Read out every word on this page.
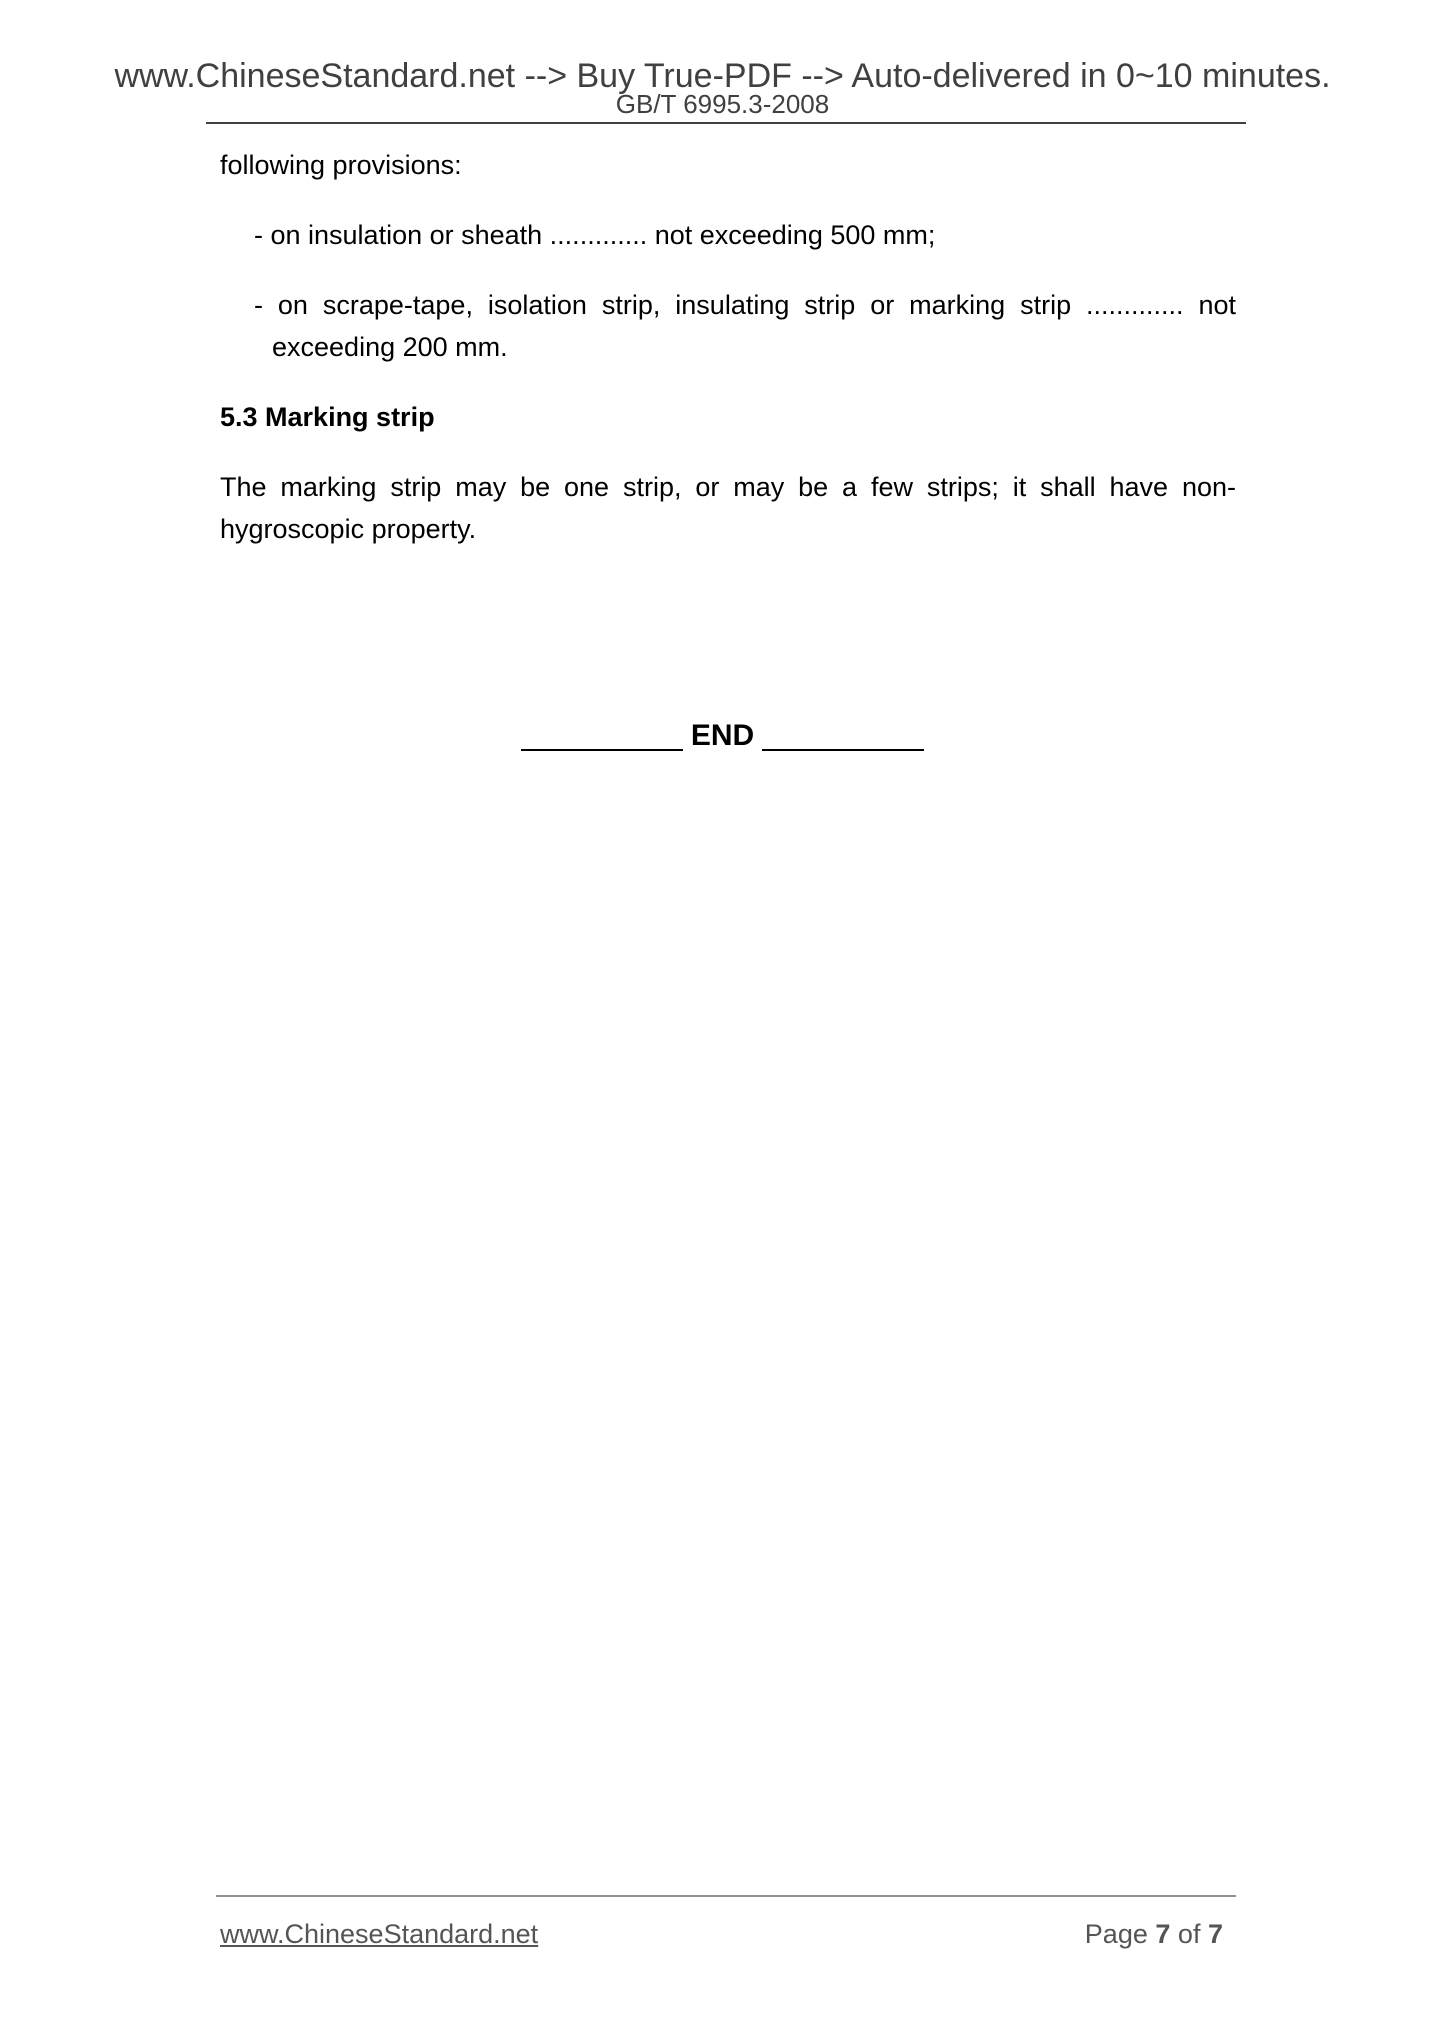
www.ChineseStandard.net --> Buy True-PDF --> Auto-delivered in 0~10 minutes.
GB/T 6995.3-2008
following provisions:
- on insulation or sheath ............. not exceeding 500 mm;
- on scrape-tape, isolation strip, insulating strip or marking strip ............. not
exceeding 200 mm.
5.3 Marking strip
The marking strip may be one strip, or may be a few strips; it shall have non-
hygroscopic property.
END
www.ChineseStandard.net	Page 7 of 7
